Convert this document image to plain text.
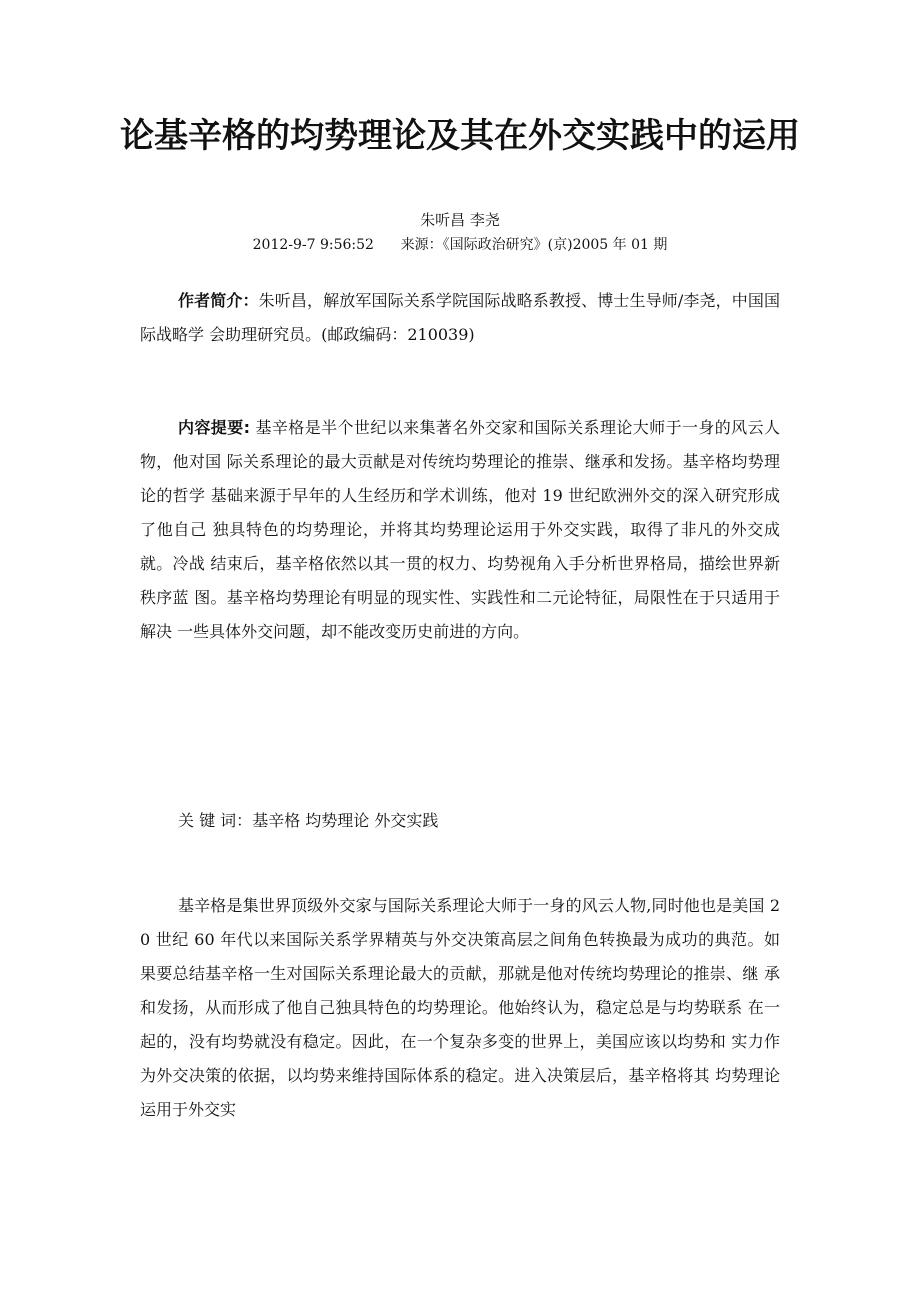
论基辛格的均势理论及其在外交实践中的运用
朱听昌 李尧
2012-9-7 9:56:52 来源：《国际政治研究》(京)2005 年 01 期
作者简介：朱听昌，解放军国际关系学院国际战略系教授、博士生导师/李尧，中国国际战略学 会助理研究员。(邮政编码：210039)
内容提要: 基辛格是半个世纪以来集著名外交家和国际关系理论大师于一身的风云人物，他对国 际关系理论的最大贡献是对传统均势理论的推崇、继承和发扬。基辛格均势理论的哲学 基础来源于早年的人生经历和学术训练，他对 19 世纪欧洲外交的深入研究形成了他自己 独具特色的均势理论，并将其均势理论运用于外交实践，取得了非凡的外交成就。冷战 结束后，基辛格依然以其一贯的权力、均势视角入手分析世界格局，描绘世界新秩序蓝 图。基辛格均势理论有明显的现实性、实践性和二元论特征，局限性在于只适用于解决 一些具体外交问题，却不能改变历史前进的方向。
关 键 词：基辛格 均势理论 外交实践
基辛格是集世界顶级外交家与国际关系理论大师于一身的风云人物,同时他也是美国 2 0 世纪 60 年代以来国际关系学界精英与外交决策高层之间角色转换最为成功的典范。如 果要总结基辛格一生对国际关系理论最大的贡献，那就是他对传统均势理论的推崇、继 承和发扬，从而形成了他自己独具特色的均势理论。他始终认为，稳定总是与均势联系 在一起的，没有均势就没有稳定。因此，在一个复杂多变的世界上，美国应该以均势和 实力作为外交决策的依据，以均势来维持国际体系的稳定。进入决策层后，基辛格将其 均势理论运用于外交实
